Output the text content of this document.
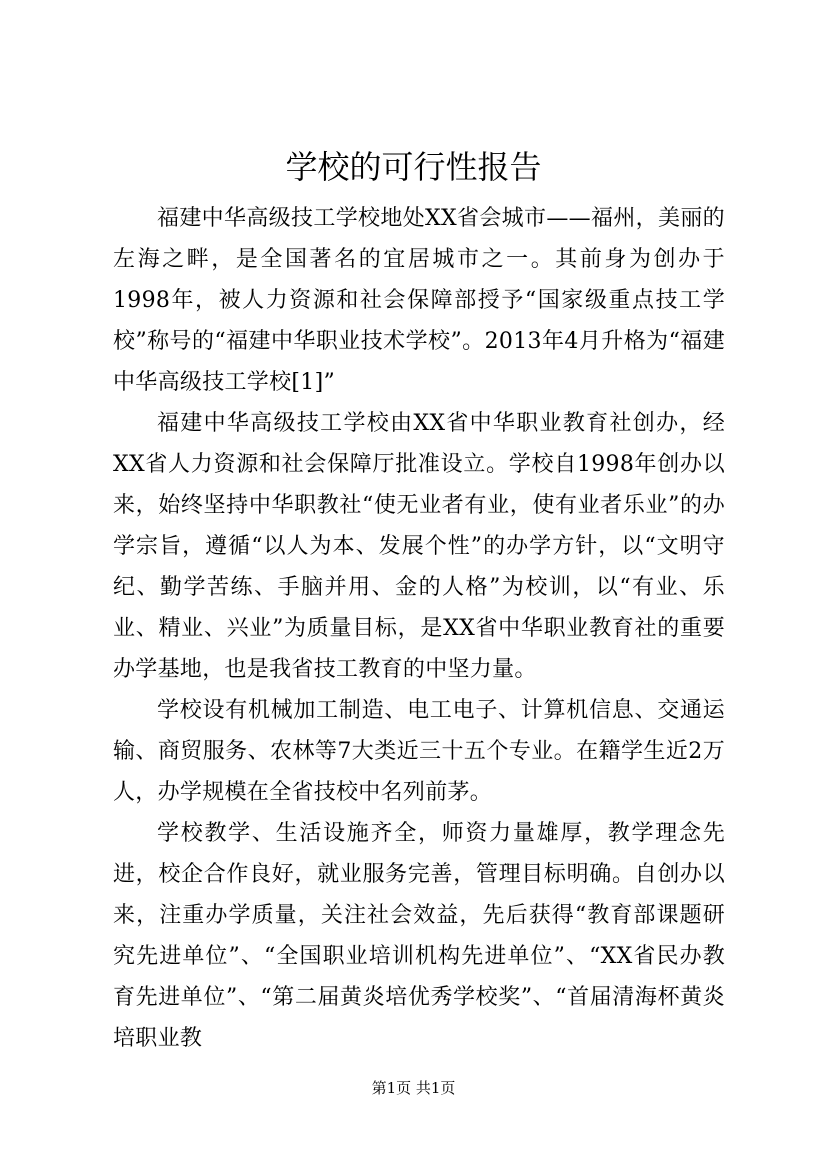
学校的可行性报告

福建中华高级技工学校地处XX省会城市——福州，美丽的左海之畔，是全国著名的宜居城市之一。其前身为创办于1998年，被人力资源和社会保障部授予“国家级重点技工学校”称号的“福建中华职业技术学校”。2013年4月升格为“福建中华高级技工学校[1]”

福建中华高级技工学校由XX省中华职业教育社创办，经XX省人力资源和社会保障厅批准设立。学校自1998年创办以来，始终坚持中华职教社“使无业者有业，使有业者乐业”的办学宗旨，遵循“以人为本、发展个性”的办学方针，以“文明守纪、勤学苦练、手脑并用、金的人格”为校训，以“有业、乐业、精业、兴业”为质量目标，是XX省中华职业教育社的重要办学基地，也是我省技工教育的中坚力量。

学校设有机械加工制造、电工电子、计算机信息、交通运输、商贸服务、农林等7大类近三十五个专业。在籍学生近2万人，办学规模在全省技校中名列前茅。

学校教学、生活设施齐全，师资力量雄厚，教学理念先进，校企合作良好，就业服务完善，管理目标明确。自创办以来，注重办学质量，关注社会效益，先后获得“教育部课题研究先进单位”、“全国职业培训机构先进单位”、“XX省民办教育先进单位”、“第二届黄炎培优秀学校奖”、“首届清海杯黄炎培职业教

第1页 共1页
